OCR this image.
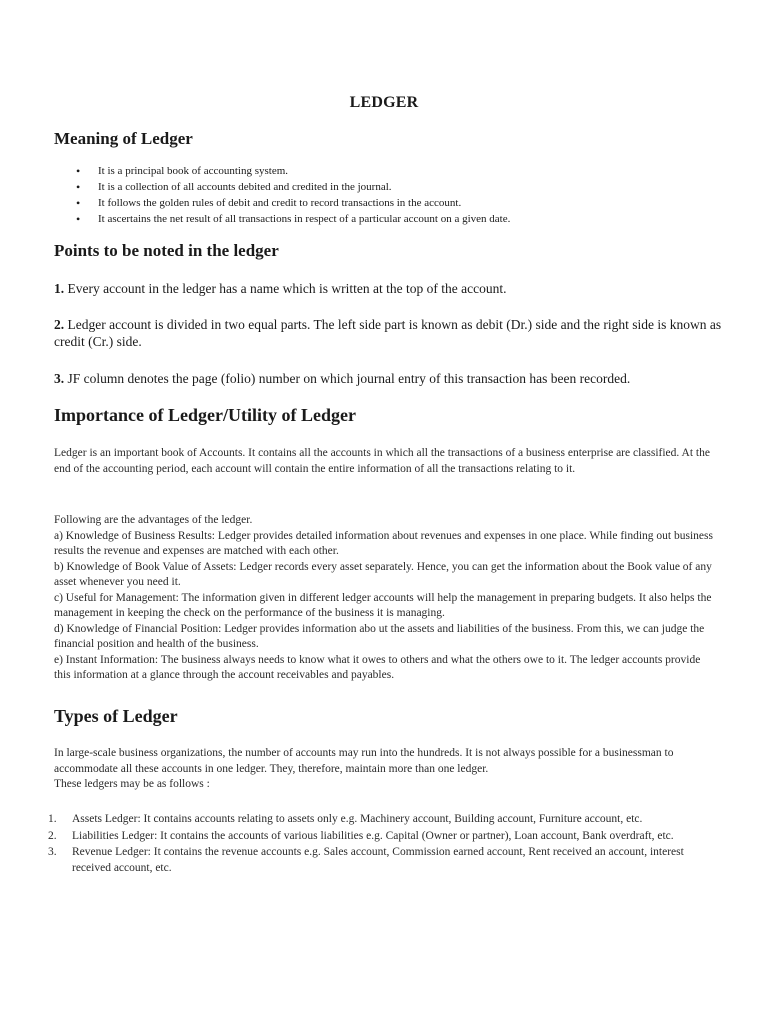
LEDGER
Meaning of Ledger
• It is a principal book of accounting system.
• It is a collection of all accounts debited and credited in the journal.
• It follows the golden rules of debit and credit to record transactions in the account.
• It ascertains the net result of all transactions in respect of a particular account on a given date.
Points to be noted in the ledger
1. Every account in the ledger has a name which is written at the top of the account.
2. Ledger account is divided in two equal parts. The left side part is known as debit (Dr.) side and the right side is known as credit (Cr.) side.
3. JF column denotes the page (folio) number on which journal entry of this transaction has been recorded.
Importance of Ledger/Utility of Ledger

Ledger is an important book of Accounts. It contains all the accounts in which all the transactions of a business enterprise are classified. At the end of the accounting period, each account will contain the entire information of all the transactions relating to it.

Following are the advantages of the ledger.

a) Knowledge of Business Results: Ledger provides detailed information about revenues and expenses in one place. While finding out business results the revenue and expenses are matched with each other.

b) Knowledge of Book Value of Assets: Ledger records every asset separately. Hence, you can get the information about the Book value of any asset whenever you need it.

c) Useful for Management: The information given in different ledger accounts will help the management in preparing budgets. It also helps the management in keeping the check on the performance of the business it is managing.

d) Knowledge of Financial Position: Ledger provides information abo ut the assets and liabilities of the business. From this, we can judge the financial position and health of the business.

e) Instant Information: The business always needs to know what it owes to others and what the others owe to it. The ledger accounts provide this information at a glance through the account receivables and payables.

Types of Ledger

In large-scale business organizations, the number of accounts may run into the hundreds. It is not always possible for a businessman to accommodate all these accounts in one ledger. They, therefore, maintain more than one ledger.

These ledgers may be as follows :

1. Assets Ledger: It contains accounts relating to assets only e.g. Machinery account, Building account, Furniture account, etc.
2. Liabilities Ledger: It contains the accounts of various liabilities e.g. Capital (Owner or partner), Loan account, Bank overdraft, etc.
3. Revenue Ledger: It contains the revenue accounts e.g. Sales account, Commission earned account, Rent received an account, interest received account, etc.
